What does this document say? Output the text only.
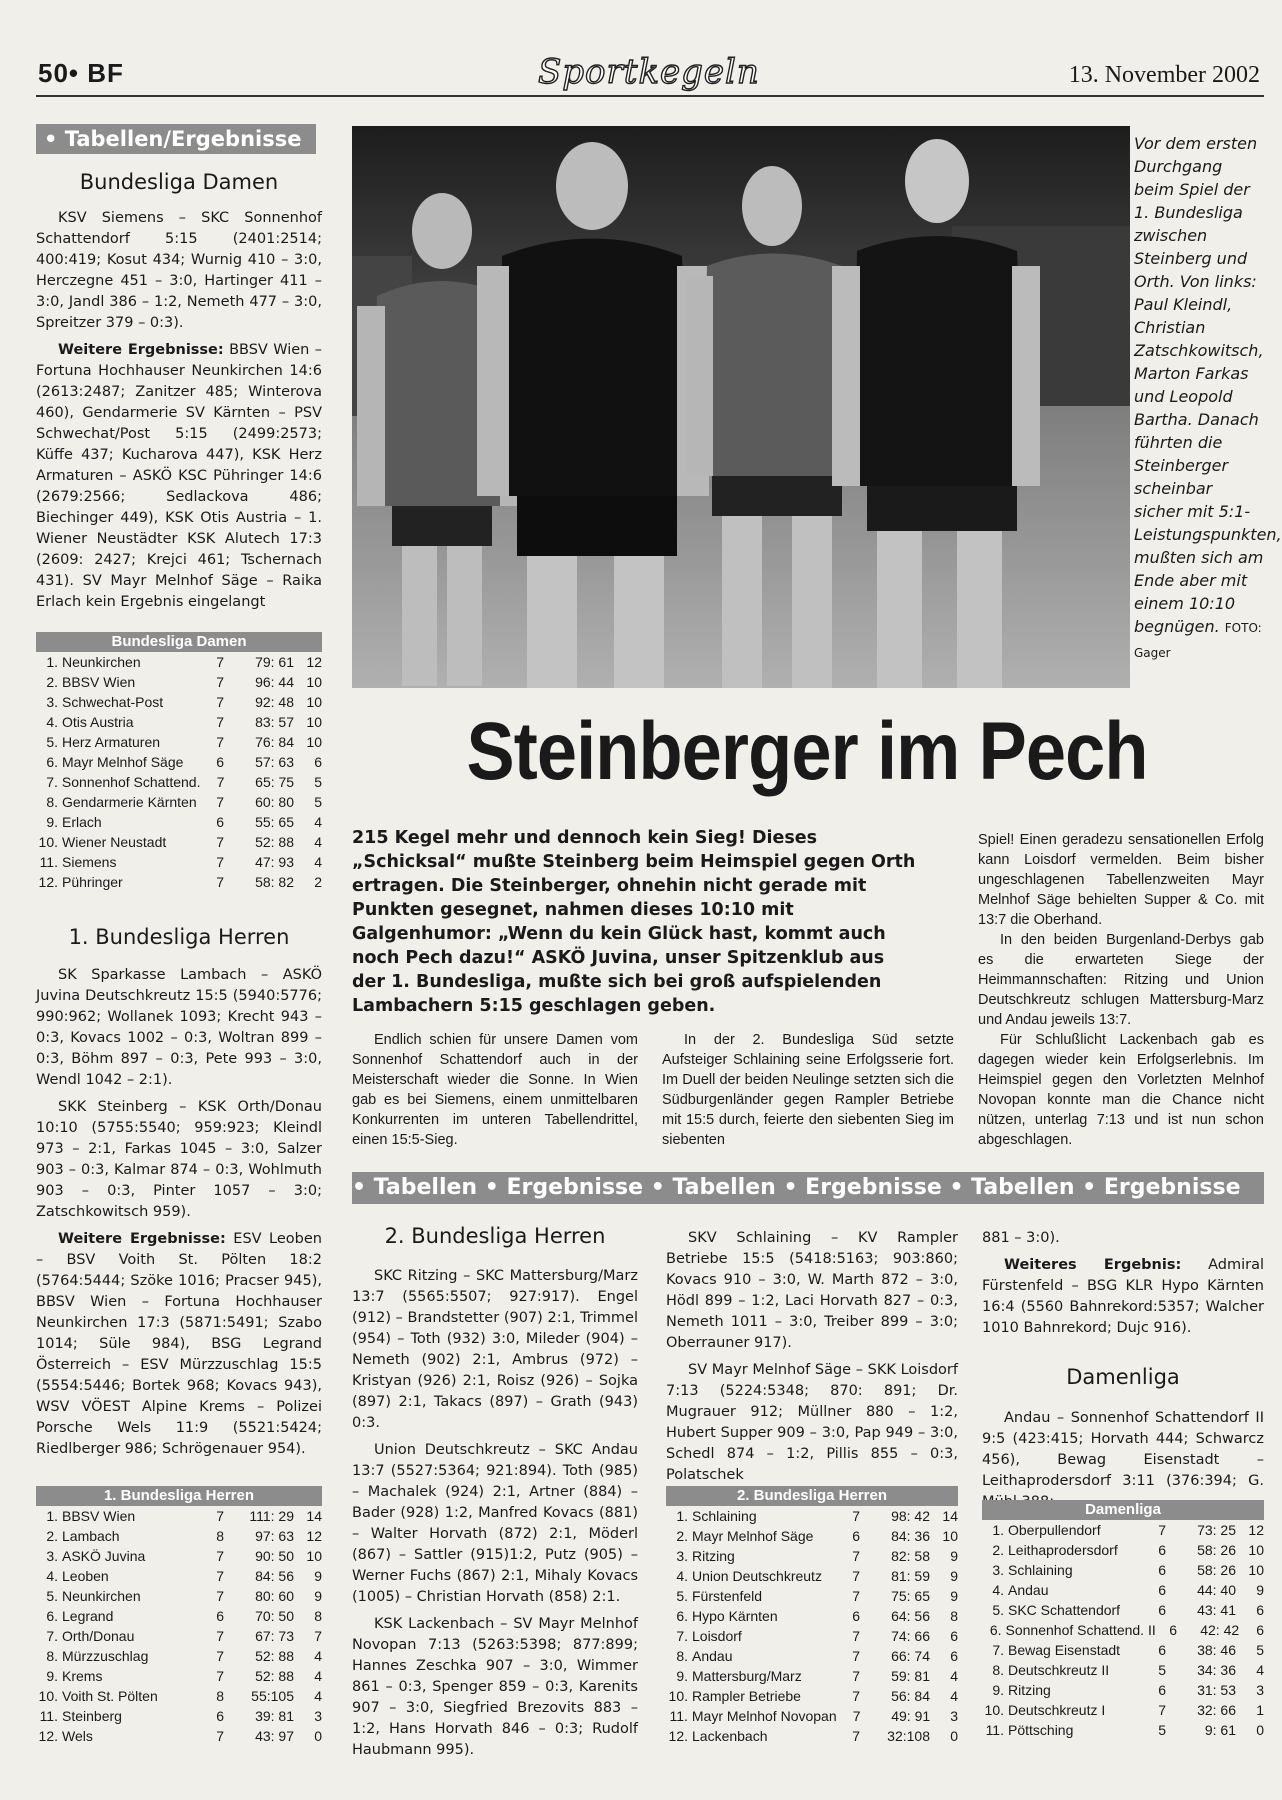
50• BF	Sportkegeln	13. November 2002
• Tabellen/Ergebnisse
Bundesliga Damen

KSV Siemens – SKC Sonnenhof Schattendorf 5:15 (2401:2514; 400:419; Kosut 434; Wurnig 410 – 3:0, Herczegne 451 – 3:0, Hartinger 411 – 3:0, Jandl 386 – 1:2, Nemeth 477 – 3:0, Spreitzer 379 – 0:3).

Weitere Ergebnisse: BBSV Wien – Fortuna Hochhauser Neunkirchen 14:6 (2613:2487; Zanitzer 485; Winterova 460), Gendarmerie SV Kärnten – PSV Schwechat/Post 5:15 (2499:2573; Küffe 437; Kucharova 447), KSK Herz Armaturen – ASKÖ KSC Pühringer 14:6 (2679:2566; Sedlackova 486; Biechinger 449), KSK Otis Austria – 1. Wiener Neustädter KSK Alutech 17:3 (2609: 2427; Krejci 461; Tschernach 431). SV Mayr Melnhof Säge – Raika Erlach kein Ergebnis eingelangt

Bundesliga Damen
1. Neunkirchen	7	79: 61 12
2. BBSV Wien	7	96: 44 10
3. Schwechat-Post	7	92: 48 10
4. Otis Austria	7	83: 57 10
5. Herz Armaturen	7	76: 84 10
6. Mayr Melnhof Säge	6	57: 63	6
7. Sonnenhof Schattend.	7	65: 75	5
8. Gendarmerie Kärnten	7	60: 80	5
9. Erlach	6	55: 65	4
10. Wiener Neustadt	7	52: 88	4
11. Siemens	7	47: 93	4
12. Pühringer	7	58: 82	2
1. Bundesliga Herren

SK Sparkasse Lambach – ASKÖ Juvina Deutschkreutz 15:5 (5940:5776; 990:962; Wollanek 1093; Krecht 943 – 0:3, Kovacs 1002 – 0:3, Woltran 899 – 0:3, Böhm 897 – 0:3, Pete 993 – 3:0, Wendl 1042 – 2:1).

SKK Steinberg – KSK Orth/Donau 10:10 (5755:5540; 959:923; Kleindl 973 – 2:1, Farkas 1045 – 3:0, Salzer 903 – 0:3, Kalmar 874 – 0:3, Wohlmuth 903 – 0:3, Pinter 1057 – 3:0; Zatschkowitsch 959).

Weitere Ergebnisse: ESV Leoben – BSV Voith St. Pölten 18:2 (5764:5444; Szöke 1016; Pracser 945), BBSV Wien – Fortuna Hochhauser Neunkirchen 17:3 (5871:5491; Szabo 1014; Süle 984), BSG Legrand Österreich – ESV Mürzzuschlag 15:5 (5554:5446; Bortek 968; Kovacs 943), WSV VÖEST Alpine Krems – Polizei Porsche Wels 11:9 (5521:5424; Riedlberger 986; Schrögenauer 954).

1. Bundesliga Herren
1. BBSV Wien	7	111: 29 14
2. Lambach	8	97: 63 12
3. ASKÖ Juvina	7	90: 50 10
4. Leoben	7	84: 56	9
5. Neunkirchen	7	80: 60	9
6. Legrand	6	70: 50	8
7. Orth/Donau	7	67: 73	7
8. Mürzzuschlag	7	52: 88	4
9. Krems	7	52: 88	4
10. Voith St. Pölten	8	55:105	4
11. Steinberg	6	39: 81	3
12. Wels	7	43: 97	0
Vor dem ersten Durchgang beim Spiel der 1. Bundesliga zwischen Steinberg und Orth. Von links: Paul Kleindl, Christian Zatschkowitsch, Marton Farkas und Leopold Bartha. Danach führten die Steinberger scheinbar sicher mit 5:1-Leistungspunkten, mußten sich am Ende aber mit einem 10:10 begnügen. FOTO: Gager
Steinberger im Pech
215 Kegel mehr und dennoch kein Sieg! Dieses „Schicksal“ mußte Steinberg beim Heimspiel gegen Orth ertragen. Die Steinberger, ohnehin nicht gerade mit Punkten gesegnet, nahmen dieses 10:10 mit Galgenhumor: „Wenn du kein Glück hast, kommt auch noch Pech dazu!“ ASKÖ Juvina, unser Spitzenklub aus der 1. Bundesliga, mußte sich bei groß aufspielenden Lambachern 5:15 geschlagen geben.
Endlich schien für unsere Damen vom Sonnenhof Schattendorf auch in der Meisterschaft wieder die Sonne. In Wien gab es bei Siemens, einem unmittelbaren Konkurrenten im unteren Tabellendrittel, einen 15:5-Sieg.
In der 2. Bundesliga Süd setzte Aufsteiger Schlaining seine Erfolgsserie fort. Im Duell der beiden Neulinge setzten sich die Südburgenländer gegen Rampler Betriebe mit 15:5 durch, feierte den siebenten Sieg im siebenten
Spiel! Einen geradezu sensationellen Erfolg kann Loisdorf vermelden. Beim bisher ungeschlagenen Tabellenzweiten Mayr Melnhof Säge behielten Supper & Co. mit 13:7 die Oberhand.
In den beiden Burgenland-Derbys gab es die erwarteten Siege der Heimmannschaften: Ritzing und Union Deutschkreutz schlugen Mattersburg-Marz und Andau jeweils 13:7.
Für Schlußlicht Lackenbach gab es dagegen wieder kein Erfolgserlebnis. Im Heimspiel gegen den Vorletzten Melnhof Novopan konnte man die Chance nicht nützen, unterlag 7:13 und ist nun schon abgeschlagen.
• Tabellen • Ergebnisse • Tabellen • Ergebnisse • Tabellen • Ergebnisse
2. Bundesliga Herren

SKC Ritzing – SKC Mattersburg/Marz 13:7 (5565:5507; 927:917). Engel (912) – Brandstetter (907) 2:1, Trimmel (954) – Toth (932) 3:0, Mileder (904) – Nemeth (902) 2:1, Ambrus (972) – Kristyan (926) 2:1, Roisz (926) – Sojka (897) 2:1, Takacs (897) – Grath (943) 0:3.

Union Deutschkreutz – SKC Andau 13:7 (5527:5364; 921:894). Toth (985) – Machalek (924) 2:1, Artner (884) – Bader (928) 1:2, Manfred Kovacs (881) – Walter Horvath (872) 2:1, Möderl (867) – Sattler (915)1:2, Putz (905) – Werner Fuchs (867) 2:1, Mihaly Kovacs (1005) – Christian Horvath (858) 2:1.

KSK Lackenbach – SV Mayr Melnhof Novopan 7:13 (5263:5398; 877:899; Hannes Zeschka 907 – 3:0, Wimmer 861 – 0:3, Spenger 859 – 0:3, Karenits 907 – 3:0, Siegfried Brezovits 883 – 1:2, Hans Horvath 846 – 0:3; Rudolf Haubmann 995).

SKV Schlaining – KV Rampler Betriebe 15:5 (5418:5163; 903:860; Kovacs 910 – 3:0, W. Marth 872 – 3:0, Hödl 899 – 1:2, Laci Horvath 827 – 0:3, Nemeth 1011 – 3:0, Treiber 899 – 3:0; Oberrauner 917).

SV Mayr Melnhof Säge – SKK Loisdorf 7:13 (5224:5348; 870: 891; Dr. Mugrauer 912; Müllner 880 – 1:2, Hubert Supper 909 – 3:0, Pap 949 – 3:0, Schedl 874 – 1:2, Pillis 855 – 0:3, Polatschek

2. Bundesliga Herren
1. Schlaining	7	98: 42 14
2. Mayr Melnhof Säge	6	84: 36 10
3. Ritzing	7	82: 58	9
4. Union Deutschkreutz	7	81: 59	9
5. Fürstenfeld	7	75: 65	9
6. Hypo Kärnten	6	64: 56	8
7. Loisdorf	7	74: 66	6
8. Andau	7	66: 74	6
9. Mattersburg/Marz	7	59: 81	4
10. Rampler Betriebe	7	56: 84	4
11. Mayr Melnhof Novopan	7	49: 91	3
12. Lackenbach	7	32:108	0

881 – 3:0).

Weiteres Ergebnis: Admiral Fürstenfeld – BSG KLR Hypo Kärnten 16:4 (5560 Bahnrekord:5357; Walcher 1010 Bahnrekord; Dujc 916).

Damenliga

Andau – Sonnenhof Schattendorf II 9:5 (423:415; Horvath 444; Schwarcz 456), Bewag Eisenstadt – Leithaprodersdorf 3:11 (376:394; G.

Damenliga
1. Oberpullendorf	7	73: 25 12
2. Leithaprodersdorf	6	58: 26 10
3. Schlaining	6	58: 26 10
4. Andau	6	44: 40	9
5. SKC Schattendorf	6	43: 41	6
6. Sonnenhof Schattend. II 6	42: 42	6
7. Bewag Eisenstadt	6	38: 46	5
8. Deutschkreutz II	5	34: 36	4
9. Ritzing	6	31: 53	3
10. Deutschkreutz I	7	32: 66	1
11. Pöttsching	5	9: 61	0
